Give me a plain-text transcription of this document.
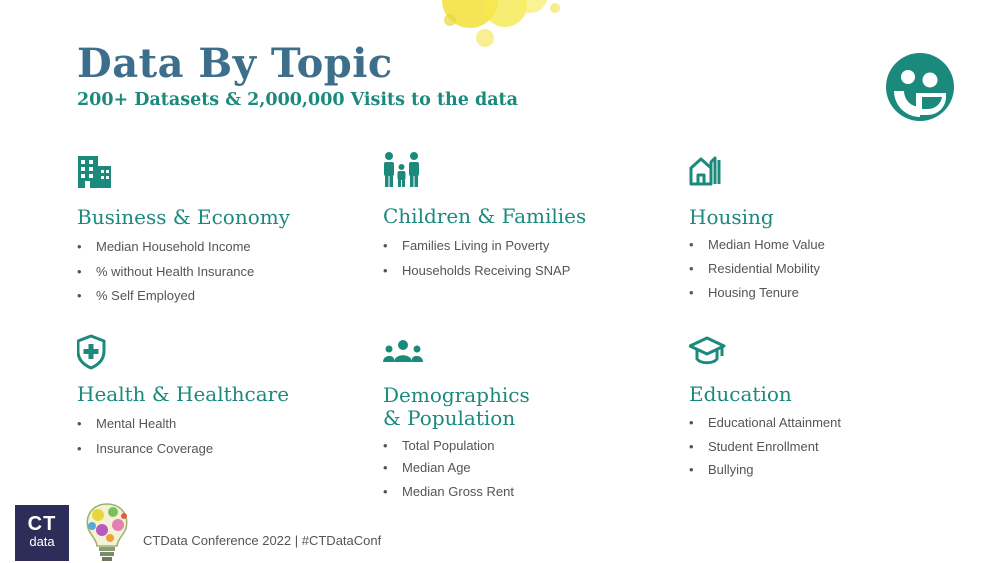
Data By Topic
200+ Datasets & 2,000,000 Visits to the data
Business & Economy
• Median Household Income
• % without Health Insurance
• % Self Employed
Children & Families
• Families Living in Poverty
• Households Receiving SNAP
Housing
• Median Home Value
• Residential Mobility
• Housing Tenure
Health & Healthcare
• Mental Health
• Insurance Coverage
Demographics
& Population
• Total Population
• Median Age
• Median Gross Rent
Education
• Educational Attainment
• Student Enrollment
• Bullying
CT
data	CTData Conference 2022 | #CTDataConf
